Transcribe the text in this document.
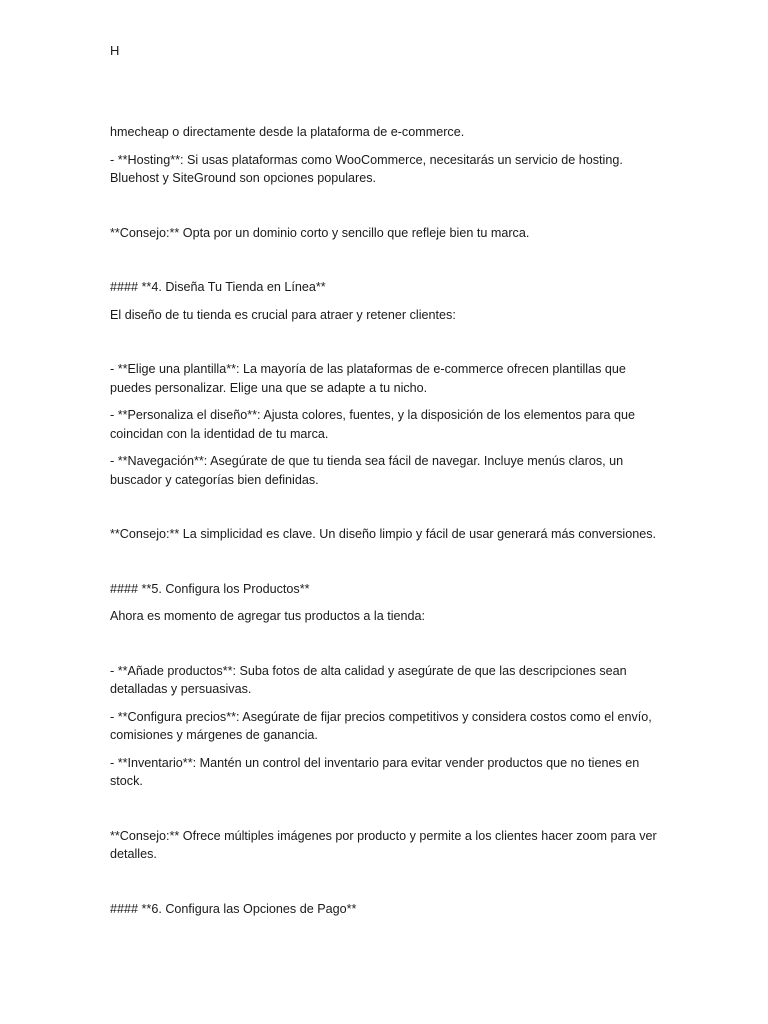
H

hmecheap o directamente desde la plataforma de e-commerce.

- **Hosting**: Si usas plataformas como WooCommerce, necesitarás un servicio de hosting. Bluehost y SiteGround son opciones populares.

**Consejo:** Opta por un dominio corto y sencillo que refleje bien tu marca.

#### **4. Diseña Tu Tienda en Línea**

El diseño de tu tienda es crucial para atraer y retener clientes:

- **Elige una plantilla**: La mayoría de las plataformas de e-commerce ofrecen plantillas que puedes personalizar. Elige una que se adapte a tu nicho.

- **Personaliza el diseño**: Ajusta colores, fuentes, y la disposición de los elementos para que coincidan con la identidad de tu marca.

- **Navegación**: Asegúrate de que tu tienda sea fácil de navegar. Incluye menús claros, un buscador y categorías bien definidas.

**Consejo:** La simplicidad es clave. Un diseño limpio y fácil de usar generará más conversiones.

#### **5. Configura los Productos**

Ahora es momento de agregar tus productos a la tienda:

- **Añade productos**: Suba fotos de alta calidad y asegúrate de que las descripciones sean detalladas y persuasivas.

- **Configura precios**: Asegúrate de fijar precios competitivos y considera costos como el envío, comisiones y márgenes de ganancia.

- **Inventario**: Mantén un control del inventario para evitar vender productos que no tienes en stock.

**Consejo:** Ofrece múltiples imágenes por producto y permite a los clientes hacer zoom para ver detalles.

#### **6. Configura las Opciones de Pago**
